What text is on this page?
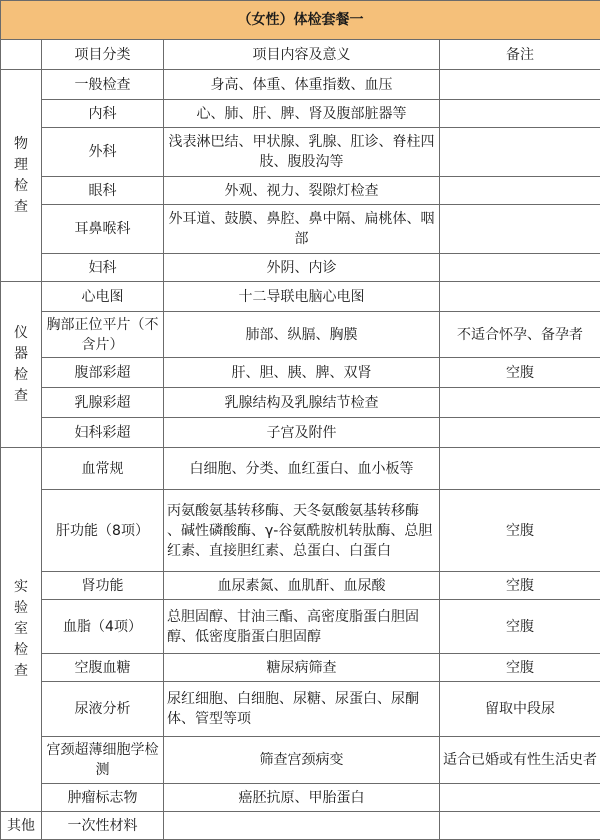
（女性）体检套餐一			
	项目分类	项目内容及意义	备注

物
理
检
查	一般检查	身高、体重、体重指数、血压	
	内科	心、肺、肝、脾、肾及腹部脏器等	
	外科	浅表淋巴结、甲状腺、乳腺、肛诊、脊柱四肢、腹股沟等	
	眼科	外观、视力、裂隙灯检查	
	耳鼻喉科	外耳道、鼓膜、鼻腔、鼻中隔、扁桃体、咽部	
	妇科	外阴、内诊	

仪
器
检
查	心电图	十二导联电脑心电图	
	胸部正位平片（不含片）	肺部、纵膈、胸膜	不适合怀孕、备孕者
	腹部彩超	肝、胆、胰、脾、双肾	空腹
	乳腺彩超	乳腺结构及乳腺结节检查	
	妇科彩超	子宫及附件	

实
验
室
检
查	血常规	白细胞、分类、血红蛋白、血小板等	
	肝功能（8项）	丙氨酸氨基转移酶、天冬氨酸氨基转移酶 、碱性磷酸酶、γ-谷氨酰胺机转肽酶、总胆红素、直接胆红素、总蛋白、白蛋白	空腹
	肾功能	血尿素氮、血肌酐、血尿酸	空腹
	血脂（4项）	总胆固醇、甘油三酯、高密度脂蛋白胆固醇、低密度脂蛋白胆固醇	空腹
	空腹血糖	糖尿病筛查	空腹
	尿液分析	尿红细胞、白细胞、尿糖、尿蛋白、尿酮体、管型等项	留取中段尿
	宫颈超薄细胞学检测	筛查宫颈病变	适合已婚或有性生活史者
	肿瘤标志物	癌胚抗原、甲胎蛋白	
其他	一次性材料		
